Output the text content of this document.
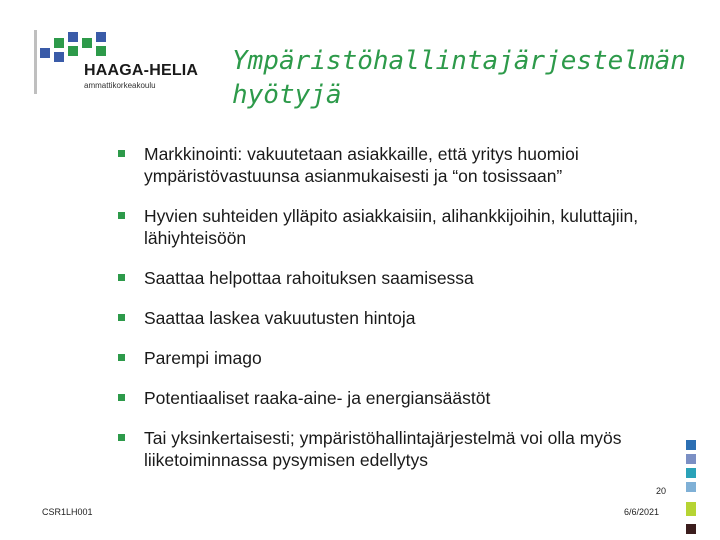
HAAGA-HELIA
ammattikorkeakoulu
Ympäristöhallintajärjestelmän hyötyjä
Markkinointi: vakuutetaan asiakkaille, että yritys huomioi ympäristövastuunsa asianmukaisesti ja “on tosissaan”
Hyvien suhteiden ylläpito asiakkaisiin, alihankkijoihin, kuluttajiin, lähiyhteisöön
Saattaa helpottaa rahoituksen saamisessa
Saattaa laskea vakuutusten hintoja
Parempi imago
Potentiaaliset raaka-aine- ja energiansäästöt
Tai yksinkertaisesti; ympäristöhallintajärjestelmä voi olla myös liiketoiminnassa pysymisen edellytys
20
CSR1LH001	6/6/2021
